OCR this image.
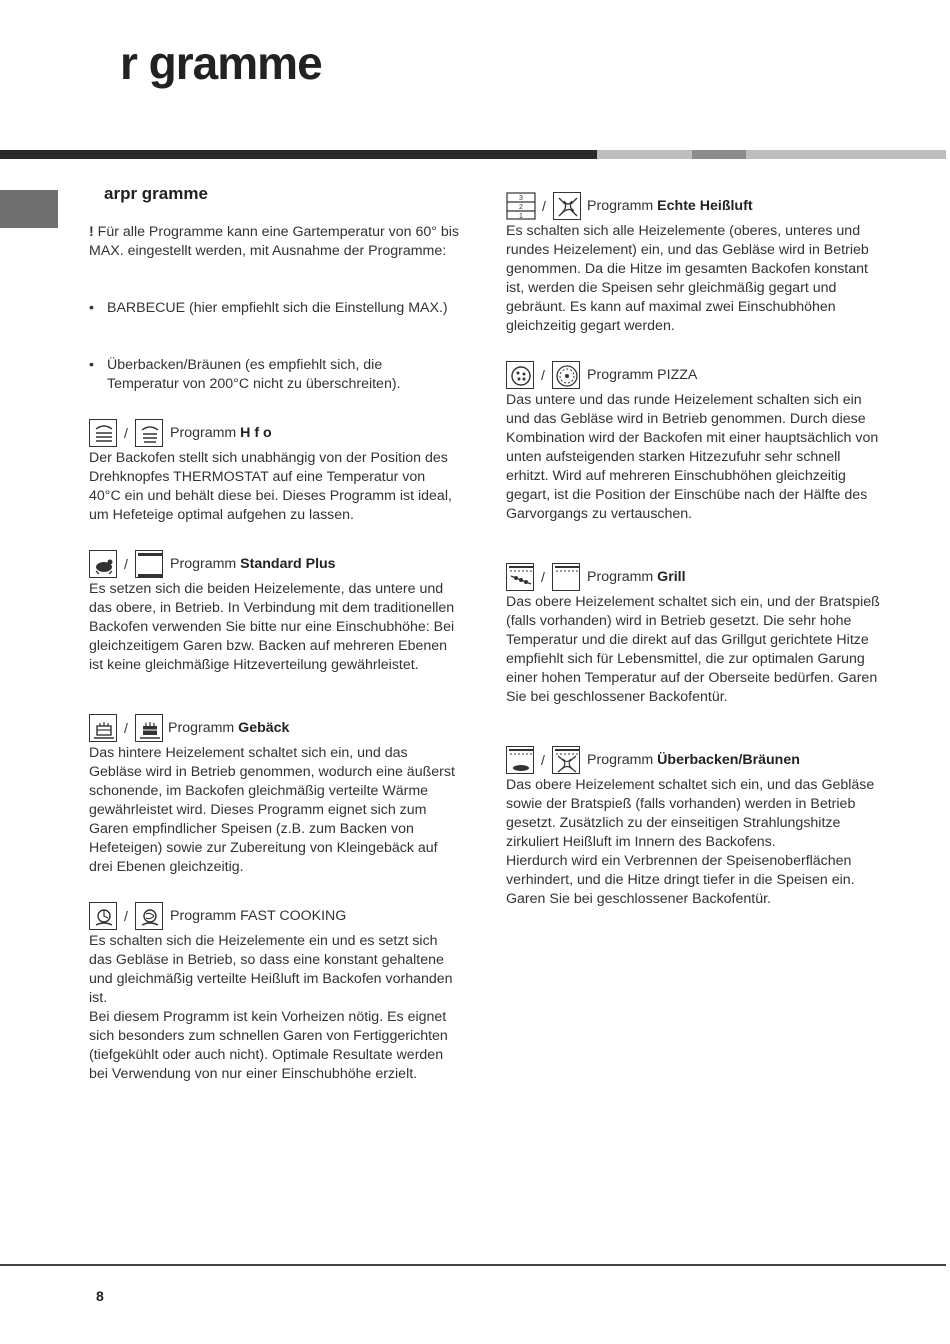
r gramme
arpr gramme
! Für alle Programme kann eine Gartemperatur von 60° bis MAX. eingestellt werden, mit Ausnahme der Programme:
• BARBECUE (hier empfiehlt sich die Einstellung MAX.)
• Überbacken/Bräunen (es empfiehlt sich, die Temperatur von 200°C nicht zu überschreiten).
/	Programm H f o
Der Backofen stellt sich unabhängig von der Position des Drehknopfes THERMOSTAT auf eine Temperatur von 40°C ein und behält diese bei. Dieses Programm ist ideal, um Hefeteige optimal aufgehen zu lassen.
/	Programm Standard Plus
Es setzen sich die beiden Heizelemente, das untere und das obere, in Betrieb. In Verbindung mit dem traditionellen Backofen verwenden Sie bitte nur eine Einschubhöhe: Bei gleichzeitigem Garen bzw. Backen auf mehreren Ebenen ist keine gleichmäßige Hitzeverteilung gewährleistet.
/	Programm Gebäck
Das hintere Heizelement schaltet sich ein, und das Gebläse wird in Betrieb genommen, wodurch eine äußerst schonende, im Backofen gleichmäßig verteilte Wärme gewährleistet wird. Dieses Programm eignet sich zum Garen empfindlicher Speisen (z.B. zum Backen von Hefeteigen) sowie zur Zubereitung von Kleingebäck auf drei Ebenen gleichzeitig.
/	Programm FAST COOKING
Es schalten sich die Heizelemente ein und es setzt sich das Gebläse in Betrieb, so dass eine konstant gehaltene und gleichmäßig verteilte Heißluft im Backofen vorhanden ist.
Bei diesem Programm ist kein Vorheizen nötig. Es eignet sich besonders zum schnellen Garen von Fertiggerichten (tiefgekühlt oder auch nicht). Optimale Resultate werden bei Verwendung von nur einer Einschubhöhe erzielt.
3
2
1
/	Programm Echte Heißluft
Es schalten sich alle Heizelemente (oberes, unteres und rundes Heizelement) ein, und das Gebläse wird in Betrieb genommen. Da die Hitze im gesamten Backofen konstant ist, werden die Speisen sehr gleichmäßig gegart und gebräunt. Es kann auf maximal zwei Einschubhöhen gleichzeitig gegart werden.
/	Programm PIZZA
Das untere und das runde Heizelement schalten sich ein und das Gebläse wird in Betrieb genommen. Durch diese Kombination wird der Backofen mit einer hauptsächlich von unten aufsteigenden starken Hitzezufuhr sehr schnell erhitzt. Wird auf mehreren Einschubhöhen gleichzeitig gegart, ist die Position der Einschübe nach der Hälfte des Garvorgangs zu vertauschen.
/	Programm Grill
Das obere Heizelement schaltet sich ein, und der Bratspieß (falls vorhanden) wird in Betrieb gesetzt. Die sehr hohe Temperatur und die direkt auf das Grillgut gerichtete Hitze empfiehlt sich für Lebensmittel, die zur optimalen Garung einer hohen Temperatur auf der Oberseite bedürfen. Garen Sie bei geschlossener Backofentür.
/	Programm Überbacken/Bräunen
Das obere Heizelement schaltet sich ein, und das Gebläse sowie der Bratspieß (falls vorhanden) werden in Betrieb gesetzt. Zusätzlich zu der einseitigen Strahlungshitze zirkuliert Heißluft im Innern des Backofens.
Hierdurch wird ein Verbrennen der Speisenoberflächen verhindert, und die Hitze dringt tiefer in die Speisen ein. Garen Sie bei geschlossener Backofentür.
8
